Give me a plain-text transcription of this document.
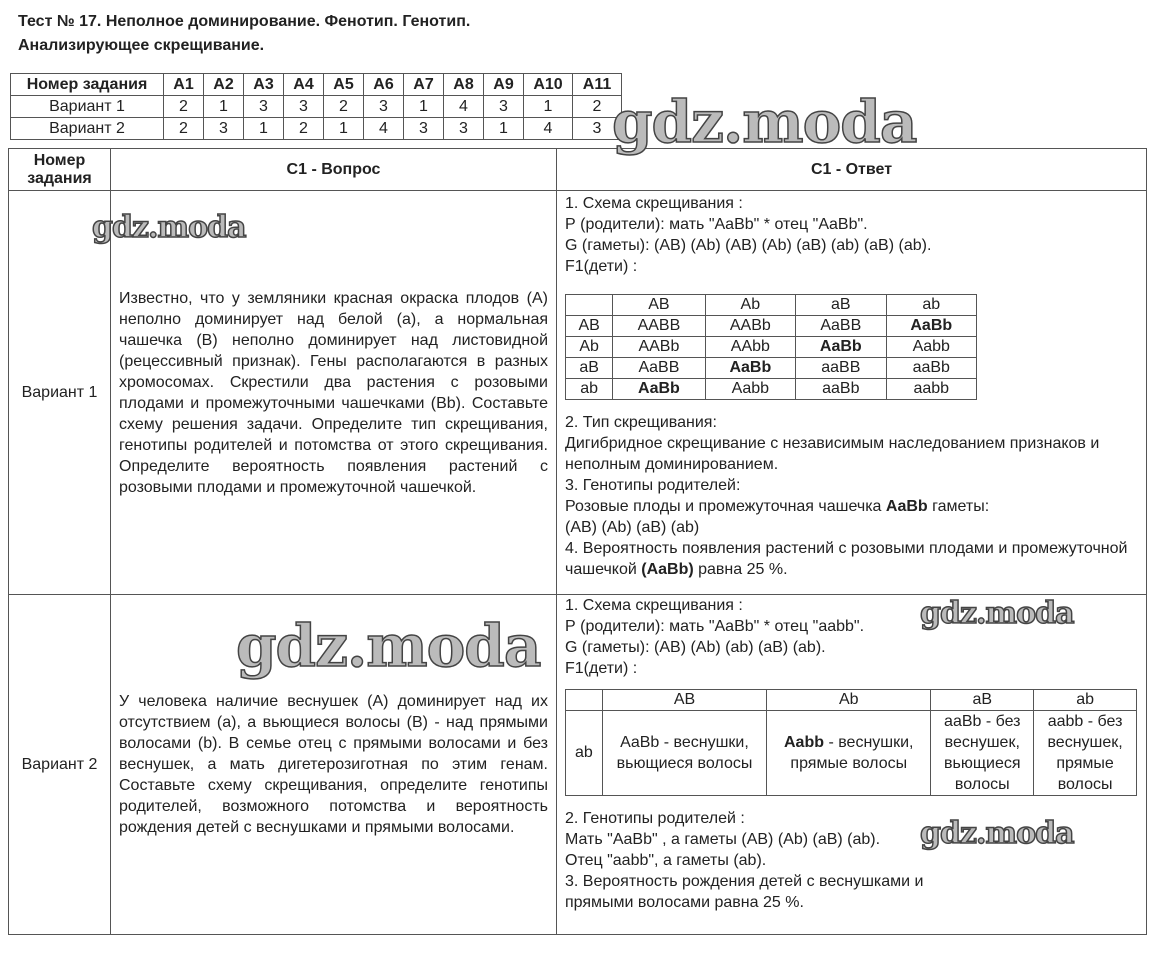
Тест № 17. Неполное доминирование. Фенотип. Генотип.
Анализирующее скрещивание.
Номер задания	A1	A2	A3	A4	A5	A6	A7	A8	A9	A10	A11
Вариант 1	2	1	3	3	2	3	1	4	3	1	2
Вариант 2	2	3	1	2	1	4	3	3	1	4	3
Номер задания	С1 - Вопрос	С1 - Ответ
Вариант 1	Известно, что у земляники красная окраска плодов (А) неполно доминирует над белой (а), а нормальная чашечка (В) неполно доминирует над листовидной (рецессивный признак). Гены располагаются в разных хромосомах. Скрестили два растения с розовыми плодами и промежуточными чашечками (Bb). Составьте схему решения задачи. Определите тип скрещивания, генотипы родителей и потомства от этого скрещивания. Определите вероятность появления растений с розовыми плодами и промежуточной чашечкой.	

1. Схема скрещивания :

Р (родители): мать "AaBb" * отец "AaBb".

G (гаметы): (AB) (Ab) (AB) (Ab) (aB) (ab) (aB) (ab).

F1(дети) :

	AB	Ab	aB	ab
AB	AABB	AABb	AaBB	AaBb
Ab	AABb	AAbb	AaBb	Aabb
aB	AaBB	AaBb	aaBB	aaBb
ab	AaBb	Aabb	aaBb	aabb

2. Тип скрещивания:

Дигибридное скрещивание с независимым наследованием признаков и неполным доминированием.

3. Генотипы родителей:

Розовые плоды и промежуточная чашечка AaBb гаметы:

(AB) (Ab) (aB) (ab)

4. Вероятность появления растений с розовыми плодами и промежуточной чашечкой (AaBb) равна 25 %.

Вариант 2	У человека наличие веснушек (А) доминирует над их отсутствием (а), а вьющиеся волосы (В) - над прямыми волосами (b). В семье отец с прямыми волосами и без веснушек, а мать дигетерозиготная по этим генам. Составьте схему скрещивания, определите генотипы родителей, возможного потомства и вероятность рождения детей с веснушками и прямыми волосами.	

1. Схема скрещивания :

Р (родители): мать "AaBb" * отец "aabb".

G (гаметы): (AB) (Ab) (ab) (aB) (ab).

F1(дети) :

	AB	Ab	aB	ab
ab	AaBb - веснушки, вьющиеся волосы	Aabb - веснушки, прямые волосы	aaBb - без веснушек, вьющиеся волосы	aabb - без веснушек, прямые волосы

2. Генотипы родителей :

Мать "AaBb" , а гаметы (AB) (Ab) (aB) (ab).

Отец "aabb", а гаметы (ab).

3. Вероятность рождения детей с веснушками и прямыми волосами равна 25 %.

gdz.moda
gdz.moda
gdz.moda	gdz.moda
gdz.moda
